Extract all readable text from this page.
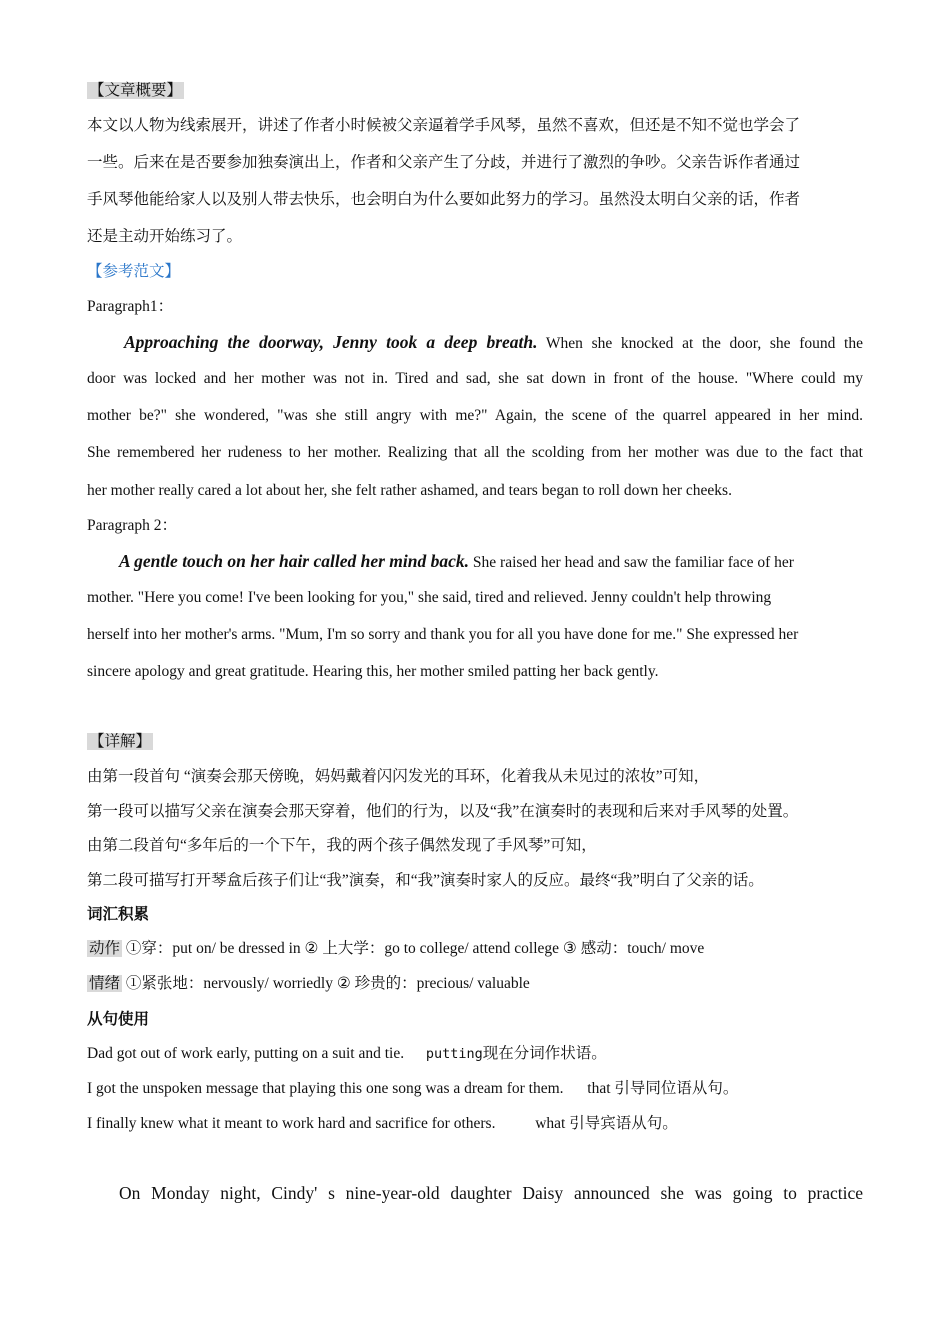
【文章概要】
本文以人物为线索展开，讲述了作者小时候被父亲逼着学手风琴，虽然不喜欢，但还是不知不觉也学会了
一些。后来在是否要参加独奏演出上，作者和父亲产生了分歧，并进行了激烈的争吵。父亲告诉作者通过
手风琴他能给家人以及别人带去快乐，也会明白为什么要如此努力的学习。虽然没太明白父亲的话，作者
还是主动开始练习了。
【参考范文】
Paragraph1：
Approaching the doorway, Jenny took a deep breath. When she knocked at the door, she found the
door was locked and her mother was not in. Tired and sad, she sat down in front of the house. "Where could my
mother be?" she wondered, "was she still angry with me?" Again, the scene of the quarrel appeared in her mind.
She remembered her rudeness to her mother. Realizing that all the scolding from her mother was due to the fact that
her mother really cared a lot about her, she felt rather ashamed, and tears began to roll down her cheeks.
Paragraph 2：
A gentle touch on her hair called her mind back. She raised her head and saw the familiar face of her
mother. "Here you come! I've been looking for you," she said, tired and relieved. Jenny couldn't help throwing
herself into her mother's arms. "Mum, I'm so sorry and thank you for all you have done for me." She expressed her
sincere apology and great gratitude. Hearing this, her mother smiled patting her back gently.
【详解】
由第一段首句 “演奏会那天傍晚，妈妈戴着闪闪发光的耳环，化着我从未见过的浓妆”可知，
第一段可以描写父亲在演奏会那天穿着，他们的行为，以及“我”在演奏时的表现和后来对手风琴的处置。
由第二段首句“多年后的一个下午，我的两个孩子偶然发现了手风琴”可知，
第二段可描写打开琴盒后孩子们让“我”演奏，和“我”演奏时家人的反应。最终“我”明白了父亲的话。
词汇积累
动作 ①穿：put on/ be dressed in ② 上大学：go to college/ attend college ③ 感动：touch/ move
情绪 ①紧张地：nervously/ worriedly ② 珍贵的：precious/ valuable
从句使用
Dad got out of work early, putting on a suit and tie. putting现在分词作状语。
I got the unspoken message that playing this one song was a dream for them. that 引导同位语从句。
I finally knew what it meant to work hard and sacrifice for others.	what 引导宾语从句。
On Monday night, Cindy' s nine-year-old daughter Daisy announced she was going to practice
